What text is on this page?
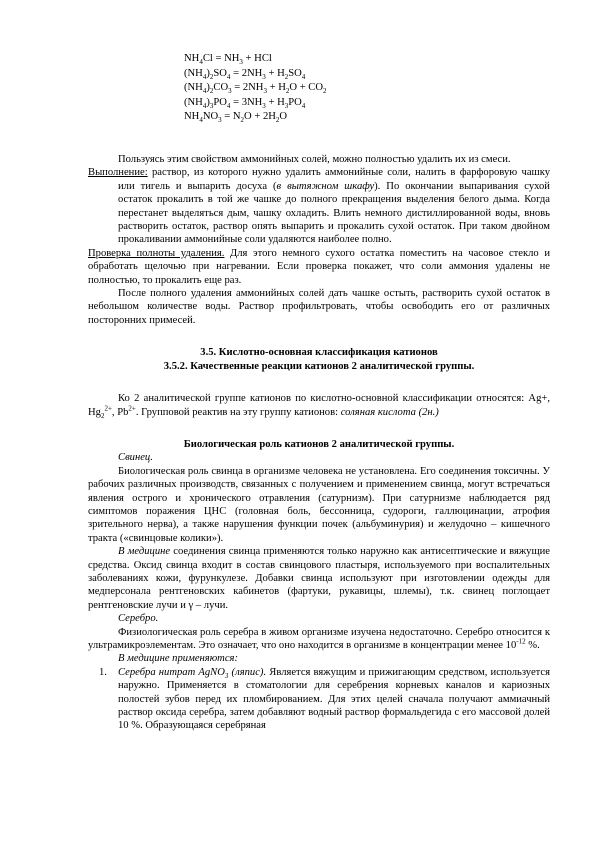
$NH_4Cl = NH_3$ + HCl
$(NH_4)_2SO_4 = 2NH_3 + H_2SO_4$
$(NH_4)_2CO_3 = 2NH_3 + H_2O + CO_2$
$(NH_4)_3PO_4 = 3NH_3 + H_3PO_4$
$NH_4NO_3 = N_2O + 2H_2O$

Пользуясь этим свойством аммонийных солей, можно полностью удалить их из смеси.

Выполнение: раствор, из которого нужно удалить аммонийные соли, налить в фарфоровую чашку или тигель и выпарить досуха (в вытяжном шкафу). По окончании выпаривания сухой остаток прокалить в той же чашке до полного прекращения выделения белого дыма. Когда перестанет выделяться дым, чашку охладить. Влить немного дистиллированной воды, вновь растворить остаток, раствор опять выпарить и прокалить сухой остаток. При таком двойном прокаливании аммонийные соли удаляются наиболее полно.

Проверка полноты удаления. Для этого немного сухого остатка поместить на часовое стекло и обработать щелочью при нагревании. Если проверка покажет, что соли аммония удалены не полностью, то прокалить еще раз.

После полного удаления аммонийных солей дать чашке остыть, растворить сухой остаток в небольшом количестве воды. Раствор профильтровать, чтобы освободить его от различных посторонних примесей.

3.5. Кислотно-основная классификация катионов

3.5.2. Качественные реакции катионов 2 аналитической группы.

Ко 2 аналитической группе катионов по кислотно-основной классификации относятся: Ag+, $Hg_2^{2+}$, $Pb^{2+}$. Групповой реактив на эту группу катионов: соляная кислота (2н.)

Биологическая роль катионов 2 аналитической группы.

Свинец.

Биологическая роль свинца в организме человека не установлена. Его соединения токсичны. У рабочих различных производств, связанных с получением и применением свинца, могут встречаться явления острого и хронического отравления (сатурнизм). При сатурнизме наблюдается ряд симптомов поражения ЦНС (головная боль, бессонница, судороги, галлюцинации, атрофия зрительного нерва), а также нарушения функции почек (альбуминурия) и желудочно – кишечного тракта («свинцовые колики»).

В медицине соединения свинца применяются только наружно как антисептические и вяжущие средства. Оксид свинца входит в состав свинцового пластыря, используемого при воспалительных заболеваниях кожи, фурункулезе. Добавки свинца используют при изготовлении одежды для медперсонала рентгеновских кабинетов (фартуки, рукавицы, шлемы), т.к. свинец поглощает рентгеновские лучи и γ – лучи.

Серебро.

Физиологическая роль серебра в живом организме изучена недостаточно. Серебро относится к ультрамикроэлементам. Это означает, что оно находится в организме в концентрации менее $10^{-12}$ %.

В медицине применяются:

1. Серебра нитрат AgNO$_3$ (ляпис). Является вяжущим и прижигающим средством, используется наружно. Применяется в стоматологии для серебрения корневых каналов и кариозных полостей зубов перед их пломбированием. Для этих целей сначала получают аммиачный раствор оксида серебра, затем добавляют водный раствор формальдегида с его массовой долей 10 %. Образующаяся серебряная
